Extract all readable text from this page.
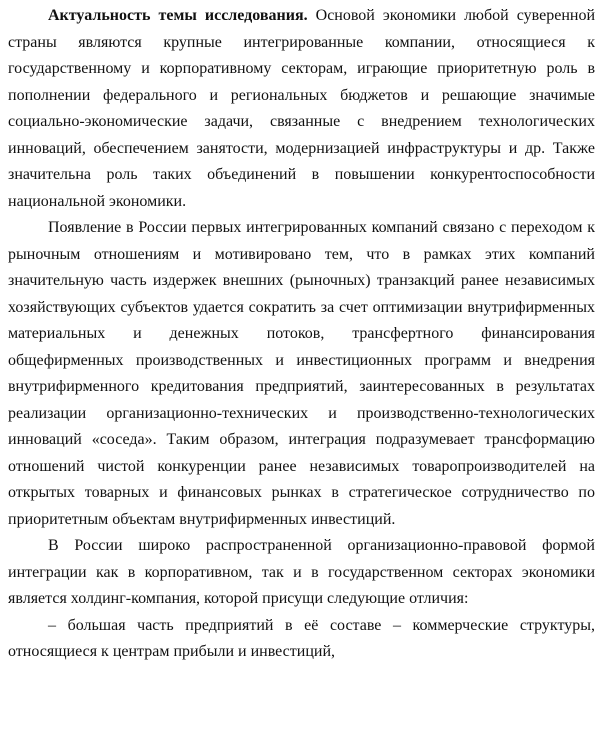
Актуальность темы исследования. Основой экономики любой суверенной страны являются крупные интегрированные компании, относящиеся к государственному и корпоративному секторам, играющие приоритетную роль в пополнении федерального и региональных бюджетов и решающие значимые социально-экономические задачи, связанные с внедрением технологических инноваций, обеспечением занятости, модернизацией инфраструктуры и др. Также значительна роль таких объединений в повышении конкурентоспособности национальной экономики.

Появление в России первых интегрированных компаний связано с переходом к рыночным отношениям и мотивировано тем, что в рамках этих компаний значительную часть издержек внешних (рыночных) транзакций ранее независимых хозяйствующих субъектов удается сократить за счет оптимизации внутрифирменных материальных и денежных потоков, трансфертного финансирования общефирменных производственных и инвестиционных программ и внедрения внутрифирменного кредитования предприятий, заинтересованных в результатах реализации организационно-технических и производственно-технологических инноваций «соседа». Таким образом, интеграция подразумевает трансформацию отношений чистой конкуренции ранее независимых товаропроизводителей на открытых товарных и финансовых рынках в стратегическое сотрудничество по приоритетным объектам внутрифирменных инвестиций.

В России широко распространенной организационно-правовой формой интеграции как в корпоративном, так и в государственном секторах экономики является холдинг-компания, которой присущи следующие отличия:

– большая часть предприятий в её составе – коммерческие структуры, относящиеся к центрам прибыли и инвестиций,
